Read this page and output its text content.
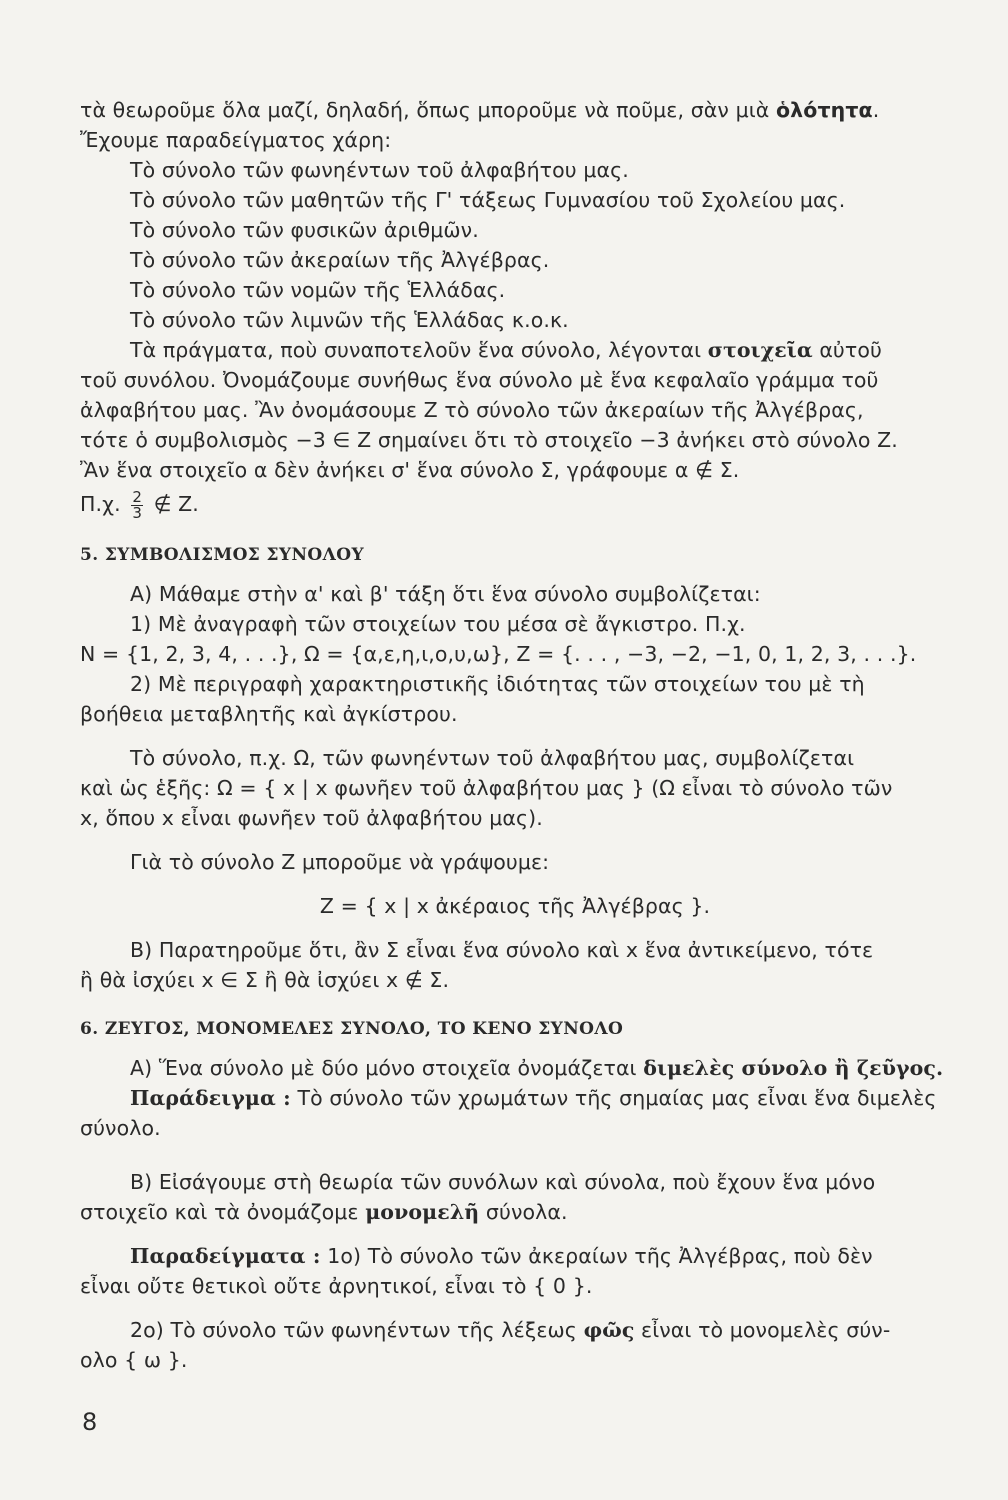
τὰ θεωροῦμε ὅλα μαζί, δηλαδή, ὅπως μποροῦμε νὰ ποῦμε, σὰν μιὰ ὁλότητα.
Ἔχουμε παραδείγματος χάρη:
Τὸ σύνολο τῶν φωνηέντων τοῦ ἀλφαβήτου μας.
Τὸ σύνολο τῶν μαθητῶν τῆς Γ' τάξεως Γυμνασίου τοῦ Σχολείου μας.
Τὸ σύνολο τῶν φυσικῶν ἀριθμῶν.
Τὸ σύνολο τῶν ἀκεραίων τῆς Ἀλγέβρας.
Τὸ σύνολο τῶν νομῶν τῆς Ἑλλάδας.
Τὸ σύνολο τῶν λιμνῶν τῆς Ἑλλάδας κ.ο.κ.
Τὰ πράγματα, ποὺ συναποτελοῦν ἕνα σύνολο, λέγονται στοιχεῖα αὐτοῦ
τοῦ συνόλου. Ὀνομάζουμε συνήθως ἕνα σύνολο μὲ ἕνα κεφαλαῖο γράμμα τοῦ
ἀλφαβήτου μας. Ἂν ὀνομάσουμε Z τὸ σύνολο τῶν ἀκεραίων τῆς Ἀλγέβρας,
τότε ὁ συμβολισμὸς −3 ∈ Z σημαίνει ὅτι τὸ στοιχεῖο −3 ἀνήκει στὸ σύνολο Z.
Ἂν ἕνα στοιχεῖο α δὲν ἀνήκει σ' ἕνα σύνολο Σ, γράφουμε α ∉ Σ.
Π.χ. $\frac{2}{3}$ ∉ Z.
5. ΣΥΜΒΟΛΙΣΜΟΣ ΣΥΝΟΛΟΥ
A) Μάθαμε στὴν α' καὶ β' τάξη ὅτι ἕνα σύνολο συμβολίζεται:
1) Μὲ ἀναγραφὴ τῶν στοιχείων του μέσα σὲ ἄγκιστρο. Π.χ.
N = {1, 2, 3, 4, . . .}, Ω = {α,ε,η,ι,ο,υ,ω}, Z = {. . . , −3, −2, −1, 0, 1, 2, 3, . . .}.
2) Μὲ περιγραφὴ χαρακτηριστικῆς ἰδιότητας τῶν στοιχείων του μὲ τὴ
βοήθεια μεταβλητῆς καὶ ἀγκίστρου.
Τὸ σύνολο, π.χ. Ω, τῶν φωνηέντων τοῦ ἀλφαβήτου μας, συμβολίζεται
καὶ ὡς ἑξῆς: Ω = { x | x φωνῆεν τοῦ ἀλφαβήτου μας } (Ω εἶναι τὸ σύνολο τῶν
x, ὅπου x εἶναι φωνῆεν τοῦ ἀλφαβήτου μας).
Γιὰ τὸ σύνολο Z μποροῦμε νὰ γράψουμε:
Z = { x | x ἀκέραιος τῆς Ἀλγέβρας }.
B) Παρατηροῦμε ὅτι, ἂν Σ εἶναι ἕνα σύνολο καὶ x ἕνα ἀντικείμενο, τότε
ἢ θὰ ἰσχύει x ∈ Σ ἢ θὰ ἰσχύει x ∉ Σ.
6. ΖΕΥΓΟΣ, ΜΟΝΟΜΕΛΕΣ ΣΥΝΟΛΟ, ΤΟ ΚΕΝΟ ΣΥΝΟΛΟ
A) Ἕνα σύνολο μὲ δύο μόνο στοιχεῖα ὀνομάζεται διμελὲς σύνολο ἢ ζεῦγος.
Παράδειγμα : Τὸ σύνολο τῶν χρωμάτων τῆς σημαίας μας εἶναι ἕνα διμελὲς
σύνολο.
B) Εἰσάγουμε στὴ θεωρία τῶν συνόλων καὶ σύνολα, ποὺ ἔχουν ἕνα μόνο
στοιχεῖο καὶ τὰ ὀνομάζομε μονομελῆ σύνολα.
Παραδείγματα : 1ο) Τὸ σύνολο τῶν ἀκεραίων τῆς Ἀλγέβρας, ποὺ δὲν
εἶναι οὔτε θετικοὶ οὔτε ἀρνητικοί, εἶναι τὸ { 0 }.
2ο) Τὸ σύνολο τῶν φωνηέντων τῆς λέξεως φῶς εἶναι τὸ μονομελὲς σύν-
ολο { ω }.
8
